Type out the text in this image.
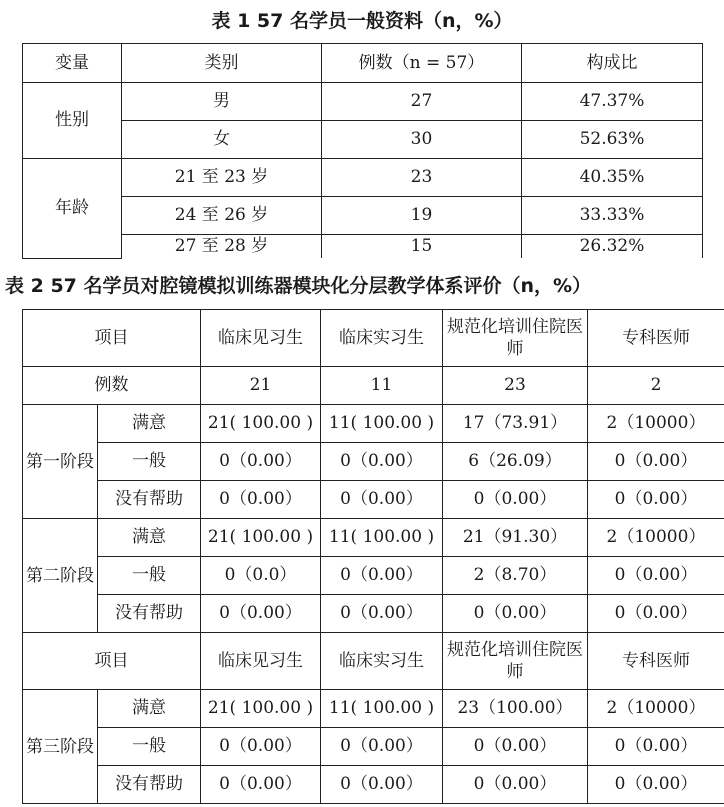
表 1 57 名学员一般资料（n，%）
变量	类别	例数（n = 57）	构成比
性别	男	27	47.37%
	女	30	52.63%
年龄	21 至 23 岁	23	40.35%
	24 至 26 岁	19	33.33%
	27 至 28 岁	15	26.32%
表 2 57 名学员对腔镜模拟训练器模块化分层教学体系评价（n，%）
项目		临床见习生	临床实习生	规范化培训住院医师	专科医师
例数		21	11	23	2
第一阶段	满意	21( 100.00 )	11( 100.00 )	17（73.91）	2（10000）
	一般	0（0.00）	0（0.00）	6（26.09）	0（0.00）
	没有帮助	0（0.00）	0（0.00）	0（0.00）	0（0.00）
第二阶段	满意	21( 100.00 )	11( 100.00 )	21（91.30）	2（10000）
	一般	0（0.0）	0（0.00）	2（8.70）	0（0.00）
	没有帮助	0（0.00）	0（0.00）	0（0.00）	0（0.00）
项目		临床见习生	临床实习生	规范化培训住院医师	专科医师
第三阶段	满意	21( 100.00 )	11( 100.00 )	23（100.00）	2（10000）
	一般	0（0.00）	0（0.00）	0（0.00）	0（0.00）
	没有帮助	0（0.00）	0（0.00）	0（0.00）	0（0.00）
